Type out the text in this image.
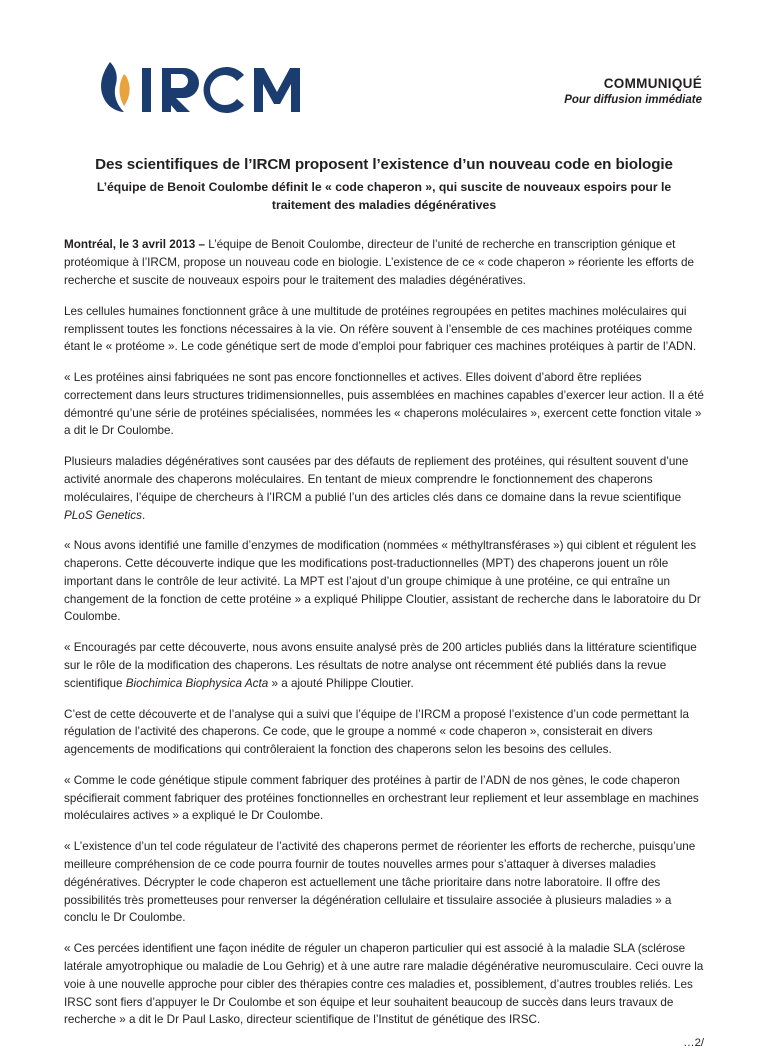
COMMUNIQUÉ
Pour diffusion immédiate
Des scientifiques de l’IRCM proposent l’existence d’un nouveau code en biologie
L’équipe de Benoit Coulombe définit le « code chaperon », qui suscite de nouveaux espoirs pour le traitement des maladies dégénératives

Montréal, le 3 avril 2013 – L’équipe de Benoit Coulombe, directeur de l’unité de recherche en transcription génique et protéomique à l’IRCM, propose un nouveau code en biologie. L’existence de ce « code chaperon » réoriente les efforts de recherche et suscite de nouveaux espoirs pour le traitement des maladies dégénératives.

Les cellules humaines fonctionnent grâce à une multitude de protéines regroupées en petites machines moléculaires qui remplissent toutes les fonctions nécessaires à la vie. On réfère souvent à l’ensemble de ces machines protéiques comme étant le « protéome ». Le code génétique sert de mode d’emploi pour fabriquer ces machines protéiques à partir de l’ADN.

« Les protéines ainsi fabriquées ne sont pas encore fonctionnelles et actives. Elles doivent d’abord être repliées correctement dans leurs structures tridimensionnelles, puis assemblées en machines capables d’exercer leur action. Il a été démontré qu’une série de protéines spécialisées, nommées les « chaperons moléculaires », exercent cette fonction vitale » a dit le Dr Coulombe.

Plusieurs maladies dégénératives sont causées par des défauts de repliement des protéines, qui résultent souvent d’une activité anormale des chaperons moléculaires. En tentant de mieux comprendre le fonctionnement des chaperons moléculaires, l’équipe de chercheurs à l’IRCM a publié l’un des articles clés dans ce domaine dans la revue scientifique PLoS Genetics.

« Nous avons identifié une famille d’enzymes de modification (nommées « méthyltransférases ») qui ciblent et régulent les chaperons. Cette découverte indique que les modifications post-traductionnelles (MPT) des chaperons jouent un rôle important dans le contrôle de leur activité. La MPT est l’ajout d’un groupe chimique à une protéine, ce qui entraîne un changement de la fonction de cette protéine » a expliqué Philippe Cloutier, assistant de recherche dans le laboratoire du Dr Coulombe.

« Encouragés par cette découverte, nous avons ensuite analysé près de 200 articles publiés dans la littérature scientifique sur le rôle de la modification des chaperons. Les résultats de notre analyse ont récemment été publiés dans la revue scientifique Biochimica Biophysica Acta » a ajouté Philippe Cloutier.

C’est de cette découverte et de l’analyse qui a suivi que l’équipe de l’IRCM a proposé l’existence d’un code permettant la régulation de l’activité des chaperons. Ce code, que le groupe a nommé « code chaperon », consisterait en divers agencements de modifications qui contrôleraient la fonction des chaperons selon les besoins des cellules.

« Comme le code génétique stipule comment fabriquer des protéines à partir de l’ADN de nos gènes, le code chaperon spécifierait comment fabriquer des protéines fonctionnelles en orchestrant leur repliement et leur assemblage en machines moléculaires actives » a expliqué le Dr Coulombe.

« L’existence d’un tel code régulateur de l’activité des chaperons permet de réorienter les efforts de recherche, puisqu’une meilleure compréhension de ce code pourra fournir de toutes nouvelles armes pour s’attaquer à diverses maladies dégénératives. Décrypter le code chaperon est actuellement une tâche prioritaire dans notre laboratoire. Il offre des possibilités très prometteuses pour renverser la dégénération cellulaire et tissulaire associée à plusieurs maladies » a conclu le Dr Coulombe.

« Ces percées identifient une façon inédite de réguler un chaperon particulier qui est associé à la maladie SLA (sclérose latérale amyotrophique ou maladie de Lou Gehrig) et à une autre rare maladie dégénérative neuromusculaire. Ceci ouvre la voie à une nouvelle approche pour cibler des thérapies contre ces maladies et, possiblement, d’autres troubles reliés. Les IRSC sont fiers d’appuyer le Dr Coulombe et son équipe et leur souhaitent beaucoup de succès dans leurs travaux de recherche » a dit le Dr Paul Lasko, directeur scientifique de l’Institut de génétique des IRSC.

…2/
